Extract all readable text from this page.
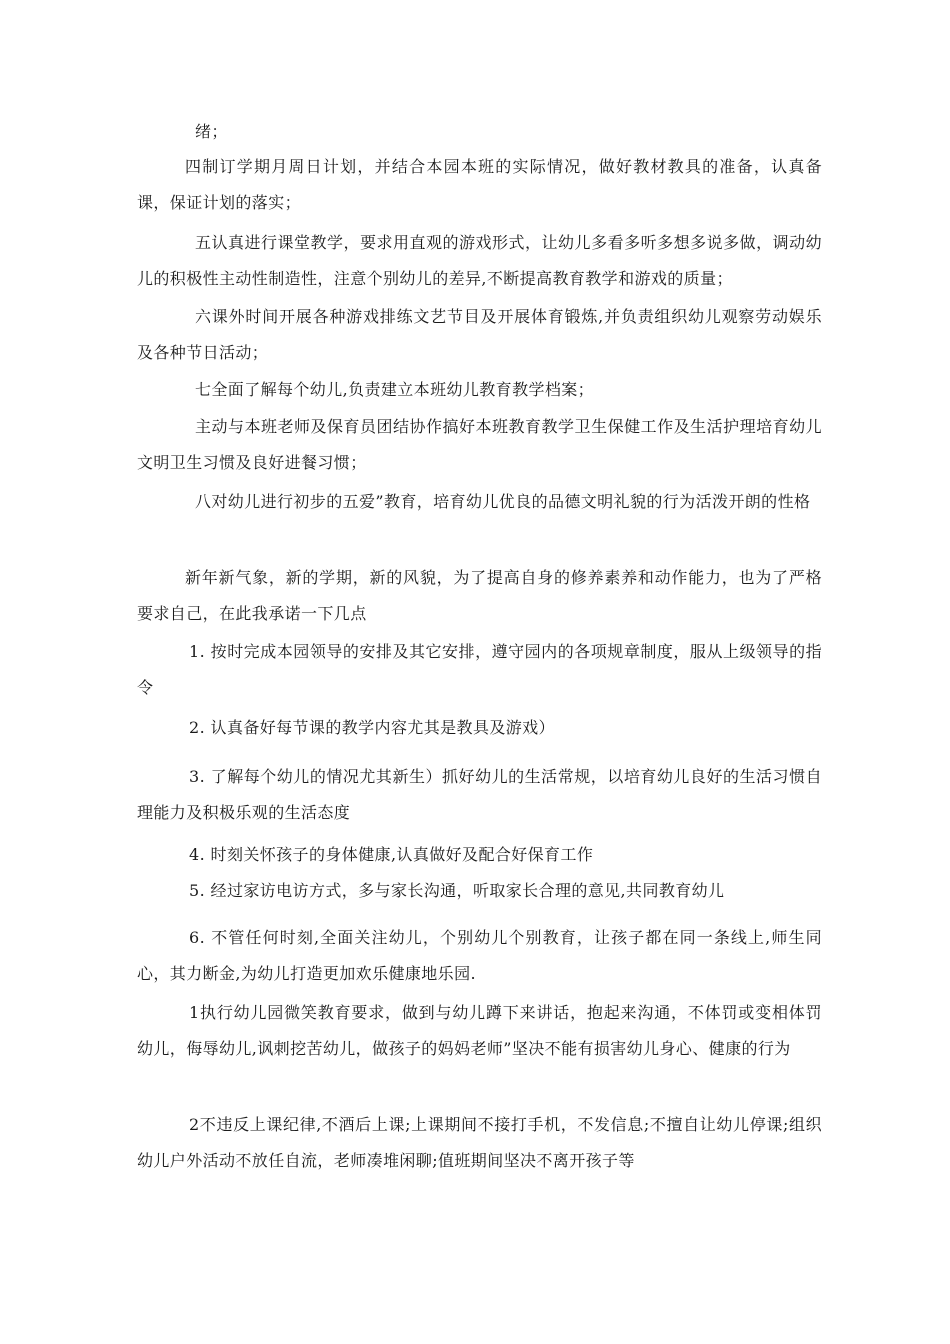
绪；

四制订学期月周日计划，并结合本园本班的实际情况，做好教材教具的准备，认真备课，保证计划的落实；

五认真进行课堂教学，要求用直观的游戏形式，让幼儿多看多听多想多说多做，调动幼儿的积极性主动性制造性，注意个别幼儿的差异,不断提高教育教学和游戏的质量；

六课外时间开展各种游戏排练文艺节目及开展体育锻炼,并负责组织幼儿观察劳动娱乐及各种节日活动；

七全面了解每个幼儿,负责建立本班幼儿教育教学档案；

主动与本班老师及保育员团结协作搞好本班教育教学卫生保健工作及生活护理培育幼儿文明卫生习惯及良好进餐习惯；

八对幼儿进行初步的五爱”教育，培育幼儿优良的品德文明礼貌的行为活泼开朗的性格

新年新气象，新的学期，新的风貌，为了提高自身的修养素养和动作能力，也为了严格要求自己，在此我承诺一下几点

1. 按时完成本园领导的安排及其它安排，遵守园内的各项规章制度，服从上级领导的指令

2. 认真备好每节课的教学内容尤其是教具及游戏）

3. 了解每个幼儿的情况尤其新生）抓好幼儿的生活常规，以培育幼儿良好的生活习惯自理能力及积极乐观的生活态度

4. 时刻关怀孩子的身体健康,认真做好及配合好保育工作

5. 经过家访电访方式，多与家长沟通，听取家长合理的意见,共同教育幼儿

6. 不管任何时刻,全面关注幼儿，个别幼儿个别教育，让孩子都在同一条线上,师生同心，其力断金,为幼儿打造更加欢乐健康地乐园.

1执行幼儿园微笑教育要求，做到与幼儿蹲下来讲话，抱起来沟通，不体罚或变相体罚幼儿，侮辱幼儿,讽刺挖苦幼儿，做孩子的妈妈老师”坚决不能有损害幼儿身心、健康的行为

2不违反上课纪律,不酒后上课;上课期间不接打手机，不发信息;不擅自让幼儿停课;组织幼儿户外活动不放任自流，老师凑堆闲聊;值班期间坚决不离开孩子等
